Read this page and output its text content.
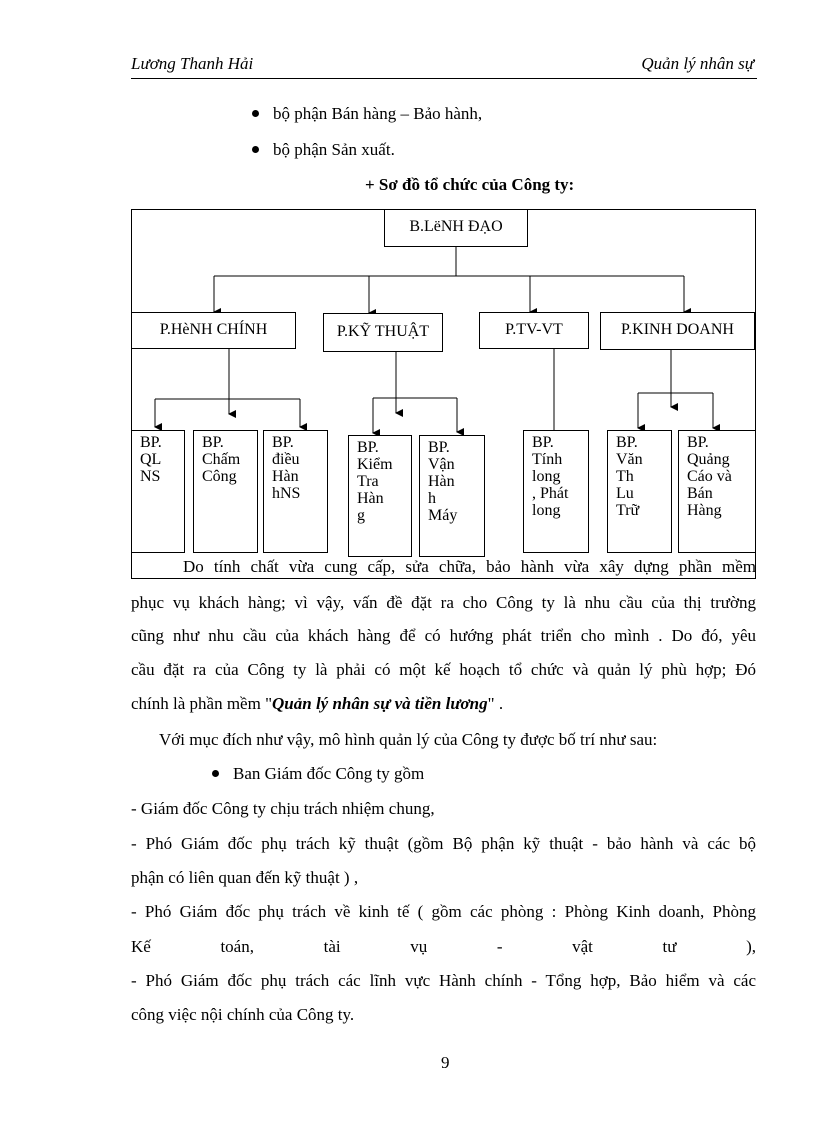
Lương Thanh Hải	Quản lý nhân sự
bộ phận Bán hàng – Bảo hành,
bộ phận Sản xuất.
+ Sơ đồ tổ chức của Công ty:
B.LëNH ĐẠO
P.HèNH CHÍNH	P.KỸ THUẬT	P.TV-VT	P.KINH DOANH
BP.
QL
NS
BP.
Chấm
Công
BP.
điều
Hàn
hNS
BP.
Kiểm
Tra
Hàn
g
BP.
Vận
Hàn
h
Máy
BP.
Tính
long
, Phát
long
BP.
Văn
Th
Lu
Trữ
BP.
Quảng
Cáo và
Bán
Hàng
Do tính chất vừa cung cấp, sửa chữa, bảo hành vừa xây dựng phần mềm
phục vụ khách hàng; vì vậy, vấn đề đặt ra cho Công ty là nhu cầu của thị trường
cũng như nhu cầu của khách hàng để có hướng phát triển cho mình . Do đó, yêu
cầu đặt ra của Công ty là phải có một kế hoạch tổ chức và quản lý phù hợp; Đó
chính là phần mềm "Quản lý nhân sự và tiền lương" .
Với mục đích như vậy, mô hình quản lý của Công ty được bố trí như sau:
Ban Giám đốc Công ty gồm
- Giám đốc Công ty chịu trách nhiệm chung,
- Phó Giám đốc phụ trách kỹ thuật (gồm Bộ phận kỹ thuật - bảo hành và các bộ
phận có liên quan đến kỹ thuật ) ,
- Phó Giám đốc phụ trách về kinh tế ( gồm các phòng : Phòng Kinh doanh, Phòng
Kế toán, tài vụ - vật tư ),
- Phó Giám đốc phụ trách các lĩnh vực Hành chính - Tổng hợp, Bảo hiểm và các
công việc nội chính của Công ty.
9
